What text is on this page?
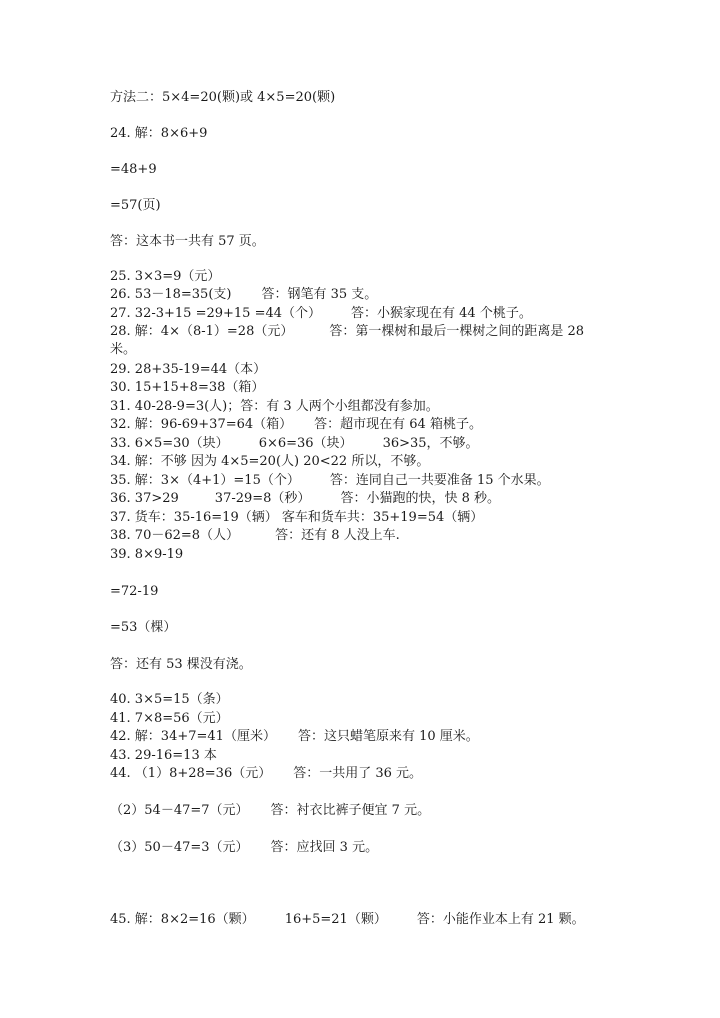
方法二：5×4=20(颗)或 4×5=20(颗)
24. 解：8×6+9
=48+9
=57(页)
答：这本书一共有 57 页。
25. 3×3=9（元）
26. 53－18=35(支) 答：钢笔有 35 支。
27. 32-3+15 =29+15 =44（个） 答：小猴家现在有 44 个桃子。
28. 解：4×（8-1）=28（元）	答：第一棵树和最后一棵树之间的距离是 28
米。
29. 28+35-19=44（本）
30. 15+15+8=38（箱）
31. 40-28-9=3(人)；答：有 3 人两个小组都没有参加。
32. 解：96-69+37=64（箱） 答：超市现在有 64 箱桃子。
33. 6×5=30（块） 6×6=36（块） 36>35，不够。
34. 解：不够 因为 4×5=20(人) 20<22 所以，不够。
35. 解：3×（4+1）=15（个） 答：连同自己一共要准备 15 个水果。
36. 37>29	37-29=8（秒） 答：小猫跑的快，快 8 秒。
37. 货车：35-16=19（辆） 客车和货车共：35+19=54（辆）
38. 70－62=8（人）	答：还有 8 人没上车.
39. 8×9-19
=72-19
=53（棵）
答：还有 53 棵没有浇。
40. 3×5=15（条）
41. 7×8=56（元）
42. 解：34+7=41（厘米） 答：这只蜡笔原来有 10 厘米。
43. 29-16=13 本
44. （1）8+28=36（元） 答：一共用了 36 元。
（2）54－47=7（元） 答：衬衣比裤子便宜 7 元。
（3）50－47=3（元） 答：应找回 3 元。
45. 解：8×2=16（颗） 16+5=21（颗） 答：小能作业本上有 21 颗。
